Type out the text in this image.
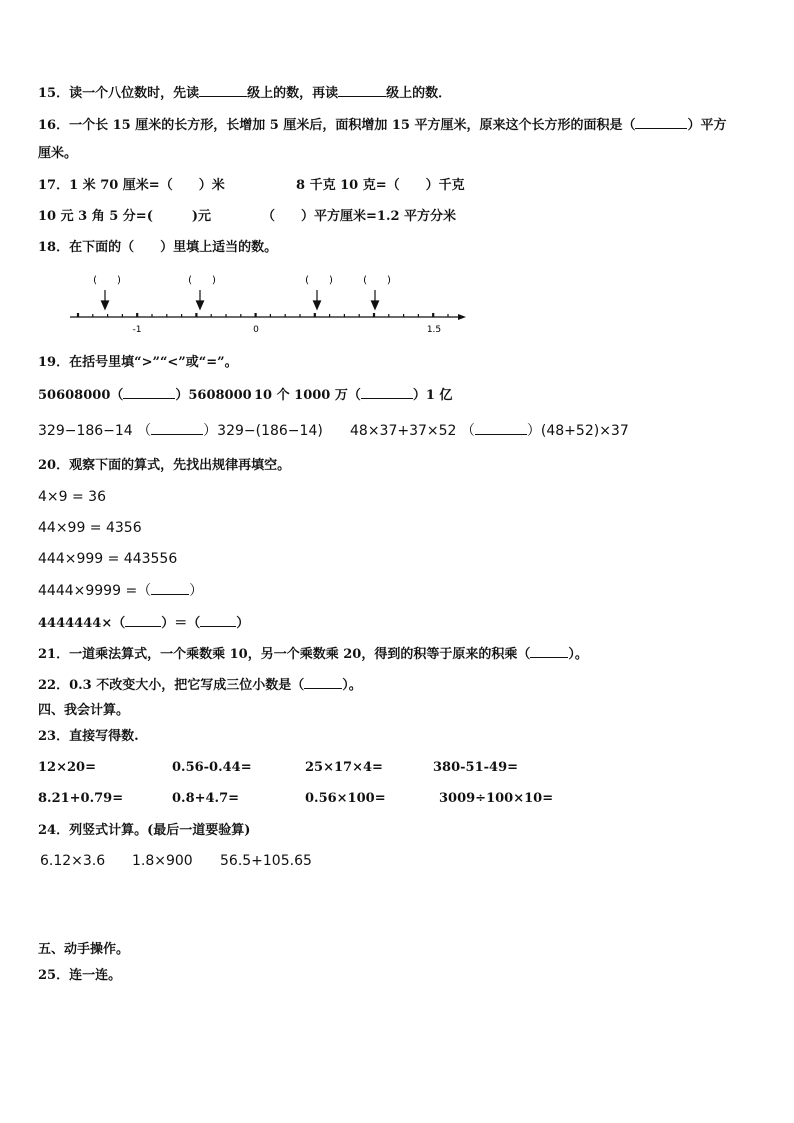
15．读一个八位数时，先读	级上的数，再读	级上的数．
16．一个长 15 厘米的长方形，长增加 5 厘米后，面积增加 15 平方厘米，原来这个长方形的面积是（	）平方
厘米。
17．1 米 70 厘米=（　　）米	8 千克 10 克=（　　）千克
10 元 3 角 5 分=(　　　)元	（　　）平方厘米=1.2 平方分米
18．在下面的（　　）里填上适当的数。
(　　)	(　　)	(　　)	(　　)
-1	0	1.5
19．在括号里填“>”“<”或“=”。
50608000（	）5608000 10 个 1000 万（	）1 亿
329−186−14 （	）329−(186−14) 48×37+37×52 （	）(48+52)×37
20．观察下面的算式，先找出规律再填空。
4×9 = 36
44×99 = 4356
444×999 = 443556
4444×9999 =（	）
4444444×（	）＝（	）
21．一道乘法算式，一个乘数乘 10，另一个乘数乘 20，得到的积等于原来的积乘（	）。
22．0.3 不改变大小，把它写成三位小数是（	）。
四、我会计算。
23．直接写得数.
12×20=	0.56-0.44=	25×17×4=	380-51-49=
8.21+0.79=	0.8+4.7=	0.56×100=	3009÷100×10=
24．列竖式计算。(最后一道要验算)
6.12×3.6 1.8×900 56.5+105.65
五、动手操作。
25．连一连。
